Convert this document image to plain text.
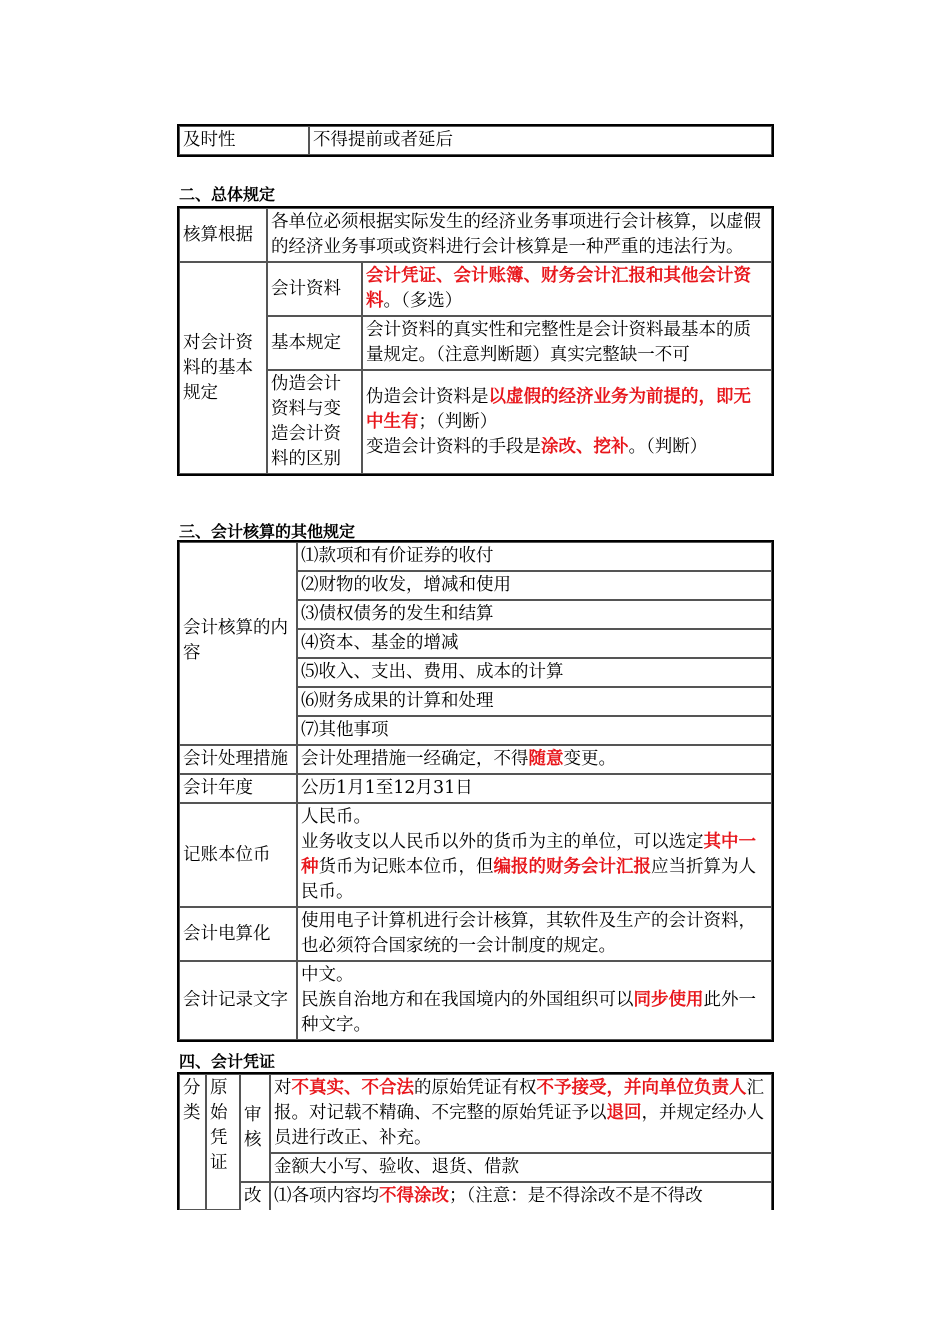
及时性	不得提前或者延后
二、总体规定
核算根据	各单位必须根据实际发生的经济业务事项进行会计核算，以虚假的经济业务事项或资料进行会计核算是一种严重的违法行为。	
对会计资料的基本规定	会计资料	会计凭证、会计账簿、财务会计汇报和其他会计资料。（多选）
	基本规定	会计资料的真实性和完整性是会计资料最基本的质量规定。（注意判断题）真实完整缺一不可
	伪造会计资料与变造会计资料的区别	伪造会计资料是以虚假的经济业务为前提的，即无中生有；（判断）
变造会计资料的手段是涂改、挖补。（判断）
三、会计核算的其他规定
会计核算的内容	⑴款项和有价证券的收付
	⑵财物的收发，增减和使用
	⑶债权债务的发生和结算
	⑷资本、基金的增减
	⑸收入、支出、费用、成本的计算
	⑹财务成果的计算和处理
	⑺其他事项
会计处理措施	会计处理措施一经确定，不得随意变更。
会计年度	公历1月1至12月31日
记账本位币	人民币。
业务收支以人民币以外的货币为主的单位，可以选定其中一种货币为记账本位币，但编报的财务会计汇报应当折算为人民币。
会计电算化	使用电子计算机进行会计核算，其软件及生产的会计资料，也必须符合国家统的一会计制度的规定。
会计记录文字	中文。
民族自治地方和在我国境内的外国组织可以同步使用此外一种文字。
四、会计凭证
分类	原始凭证	审核	对不真实、不合法的原始凭证有权不予接受，并向单位负责人汇报。对记载不精确、不完整的原始凭证予以退回，并规定经办人员进行改正、补充。
			金额大小写、验收、退货、借款
		改	⑴各项内容均不得涂改；（注意：是不得涂改不是不得改
